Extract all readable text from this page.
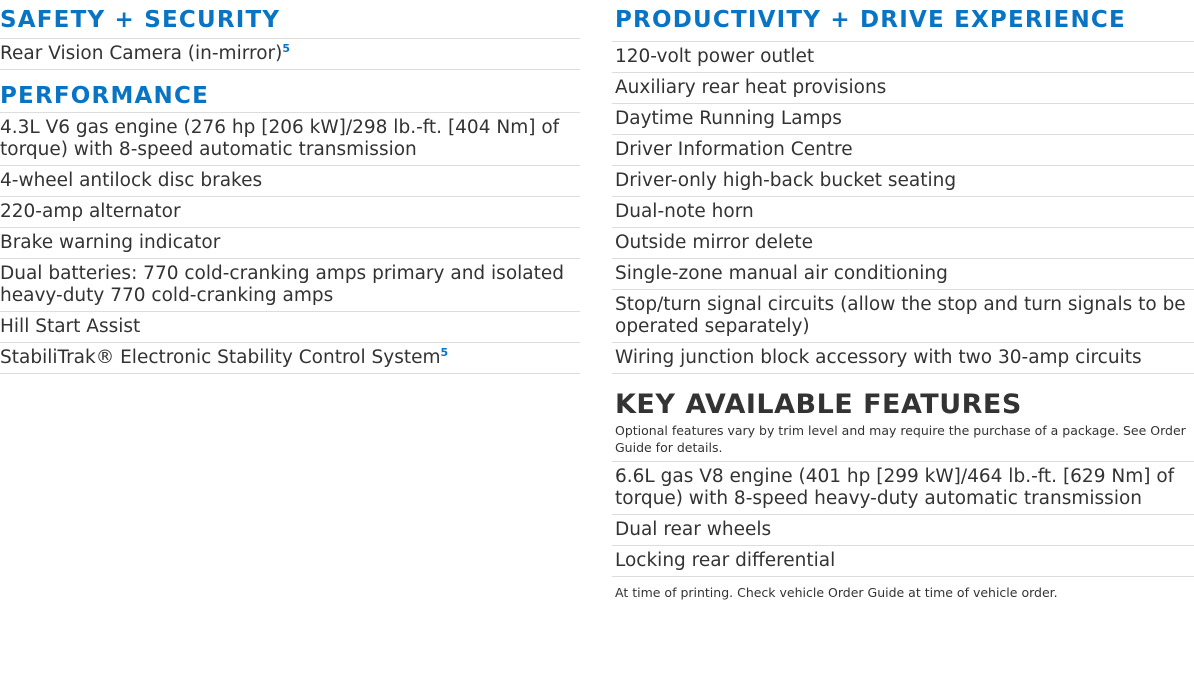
SAFETY + SECURITY
Rear Vision Camera (in-mirror)$^5$
PERFORMANCE
4.3L V6 gas engine (276 hp [206 kW]/298 lb.-ft. [404 Nm] of torque) with 8-speed automatic transmission
4-wheel antilock disc brakes
220-amp alternator
Brake warning indicator
Dual batteries: 770 cold-cranking amps primary and isolated heavy-duty 770 cold-cranking amps
Hill Start Assist
StabiliTrak® Electronic Stability Control System$^5$
PRODUCTIVITY + DRIVE EXPERIENCE
120-volt power outlet
Auxiliary rear heat provisions
Daytime Running Lamps
Driver Information Centre
Driver-only high-back bucket seating
Dual-note horn
Outside mirror delete
Single-zone manual air conditioning
Stop/turn signal circuits (allow the stop and turn signals to be operated separately)
Wiring junction block accessory with two 30-amp circuits
KEY AVAILABLE FEATURES
Optional features vary by trim level and may require the purchase of a package. See Order Guide for details.
6.6L gas V8 engine (401 hp [299 kW]/464 lb.-ft. [629 Nm] of torque) with 8-speed heavy-duty automatic transmission
Dual rear wheels
Locking rear differential
At time of printing. Check vehicle Order Guide at time of vehicle order.
